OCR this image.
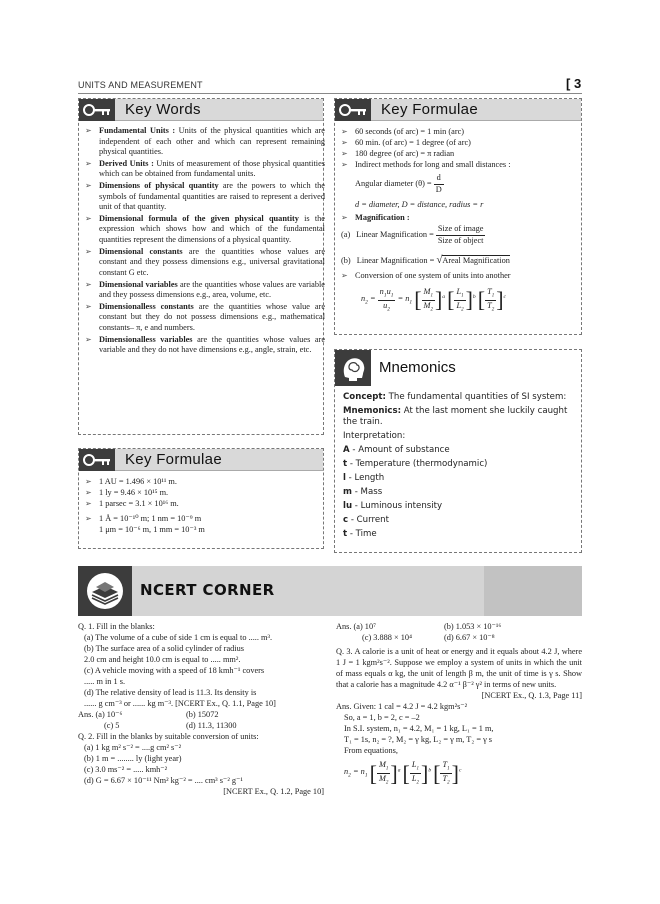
UNITS AND MEASUREMENT	[ 3
Key Words
➢ Fundamental Units : Units of the physical quantities which are independent of each other and which can represent remaining physical quantities.
➢ Derived Units : Units of measurement of those physical quantities which can be obtained from fundamental units.
➢ Dimensions of physical quantity are the powers to which the symbols of fundamental quantities are raised to represent a derived unit of that quantity.
➢ Dimensional formula of the given physical quantity is the expression which shows how and which of the fundamental quantities represent the dimensions of a physical quantity.
➢ Dimensional constants are the quantities whose values are constant and they possess dimensions e.g., universal gravitational constant G etc.
➢ Dimensional variables are the quantities whose values are variable and they possess dimensions e.g., area, volume, etc.
➢ Dimensionalless constants are the quantities whose value are constant but they do not possess dimensions e.g., mathematical constants– π, e and numbers.
➢ Dimensionalless variables are the quantities whose values are variable and they do not have dimensions e.g., angle, strain, etc.
Key Formulae
➢ 1 AU = 1.496 × 10¹¹ m.
➢ 1 ly = 9.46 × 10¹⁵ m.
➢ 1 parsec = 3.1 × 10¹⁶ m.
➢ 1 Å = 10⁻¹⁰ m; 1 nm = 10⁻⁹ m
1 μm = 10⁻⁶ m, 1 mm = 10⁻³ m
Key Formulae
➢ 60 seconds (of arc) = 1 min (arc)
➢ 60 min. (of arc) = 1 degree (of arc)
➢ 180 degree (of arc) = π radian
➢ Indirect methods for long and small distances :
Angular diameter $(\theta) = \frac{d}{D}$
d = diameter, D = distance, radius = r
➢ Magnification :
(a) Linear Magnification = $\frac{\text{Size of image}}{\text{Size of object}}$
(b) Linear Magnification = √Areal Magnification
➢ Conversion of one system of units into another
$n_2 = \frac{n_1u_1}{u_2} = n_1$ [ $\frac{M_1}{M_2} ]^a$ [ $\frac{L_1}{L_2} ]^b$ [ $\frac{T_1}{T_2} ]^c$
Mnemonics
Concept: The fundamental quantities of SI system:
Mnemonics: At the last moment she luckily caught the train.
Interpretation:
A - Amount of substance
t - Temperature (thermodynamic)
l - Length
m - Mass
lu - Luminous intensity
c - Current
t - Time
NCERT CORNER
Q. 1. Fill in the blanks:
(a) The volume of a cube of side 1 cm is equal to ..... m³.
(b) The surface area of a solid cylinder of radius
2.0 cm and height 10.0 cm is equal to ..... mm².
(c) A vehicle moving with a speed of 18 kmh⁻¹ covers
..... m in 1 s.
(d) The relative density of lead is 11.3. Its density is
...... g cm⁻³ or ...... kg m⁻³. [NCERT Ex., Q. 1.1, Page 10]
Ans. (a) 10⁻⁶	(b) 15072
(c) 5	(d) 11.3, 11300
Q. 2. Fill in the blanks by suitable conversion of units:
(a) 1 kg m² s⁻² = ....g cm² s⁻²
(b) 1 m = ........ ly (light year)
(c) 3.0 ms⁻² = ..... kmh⁻²
(d) G = 6.67 × 10⁻¹¹ Nm² kg⁻² = .... cm³ s⁻² g⁻¹
[NCERT Ex., Q. 1.2, Page 10]
Ans. (a) 10⁷	(b) 1.053 × 10⁻¹⁶
(c) 3.888 × 10⁴	(d) 6.67 × 10⁻⁸
Q. 3. A calorie is a unit of heat or energy and it equals about 4.2 J, where 1 J = 1 kgm²s⁻². Suppose we employ a system of units in which the unit of mass equals α kg, the unit of length β m, the unit of time is γ s. Show that a calorie has a magnitude 4.2 α⁻¹ β⁻² γ² in terms of new units.
[NCERT Ex., Q. 1.3, Page 11]
Ans. Given: 1 cal = 4.2 J = 4.2 kgm²s⁻²
So, a = 1, b = 2, c = –2
In S.I. system, n₁ = 4.2, M₁ = 1 kg, L₁ = 1 m,
T₁ = 1s, n₂ = ?, M₂ = γ kg, L₂ = γ m, T₂ = γ s
From equations,
$n_2 = n_1$ [ $\frac{M_1}{M_2} ]^a$ [ $\frac{L_1}{L_2} ]^b$ [ $\frac{T_1}{T_2} ]^c$
